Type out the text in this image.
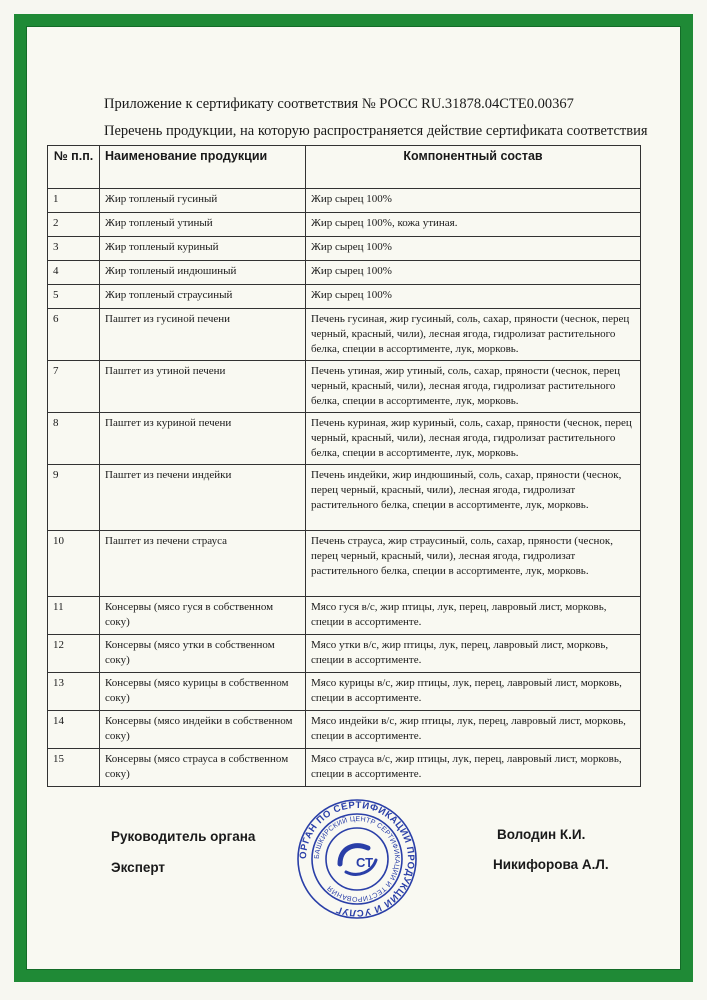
Приложение к сертификату соответствия № РОСС RU.31878.04СТЕ0.00367
Перечень продукции, на которую распространяется действие сертификата соответствия
№ п.п.	Наименование продукции	Компонентный состав
1	Жир топленый гусиный	Жир сырец 100%
2	Жир топленый утиный	Жир сырец 100%, кожа утиная.
3	Жир топленый куриный	Жир сырец 100%
4	Жир топленый индюшиный	Жир сырец 100%
5	Жир топленый страусиный	Жир сырец 100%
6	Паштет из гусиной печени	Печень гусиная, жир гусиный, соль, сахар, пряности (чеснок, перец черный, красный, чили), лесная ягода, гидролизат растительного белка, специи в ассортименте, лук, морковь.
7	Паштет из утиной печени	Печень утиная, жир утиный, соль, сахар, пряности (чеснок, перец черный, красный, чили), лесная ягода, гидролизат растительного белка, специи в ассортименте, лук, морковь.
8	Паштет из куриной печени	Печень куриная, жир куриный, соль, сахар, пряности (чеснок, перец черный, красный, чили), лесная ягода, гидролизат растительного белка, специи в ассортименте, лук, морковь.
9	Паштет из печени индейки	Печень индейки, жир индюшиный, соль, сахар, пряности (чеснок, перец черный, красный, чили), лесная ягода, гидролизат растительного белка, специи в ассортименте, лук, морковь.
10	Паштет из печени страуса	Печень страуса, жир страусиный, соль, сахар, пряности (чеснок, перец черный, красный, чили), лесная ягода, гидролизат растительного белка, специи в ассортименте, лук, морковь.
11	Консервы (мясо гуся в собственном соку)	Мясо гуся в/с, жир птицы, лук, перец, лавровый лист, морковь, специи в ассортименте.
12	Консервы (мясо утки в собственном соку)	Мясо утки в/с, жир птицы, лук, перец, лавровый лист, морковь, специи в ассортименте.
13	Консервы (мясо курицы в собственном соку)	Мясо курицы в/с, жир птицы, лук, перец, лавровый лист, морковь, специи в ассортименте.
14	Консервы (мясо индейки в собственном соку)	Мясо индейки в/с, жир птицы, лук, перец, лавровый лист, морковь, специи в ассортименте.
15	Консервы (мясо страуса в собственном соку)	Мясо страуса в/с, жир птицы, лук, перец, лавровый лист, морковь, специи в ассортименте.
Руководитель органа
Эксперт
Володин К.И.
Никифорова А.Л.
ОРГАН ПО СЕРТИФИКАЦИИ ПРОДУКЦИИ И УСЛУГ
БАШКИРСКИЙ ЦЕНТР СЕРТИФИКАЦИИ И ТЕСТИРОВАНИЯ
СТ
